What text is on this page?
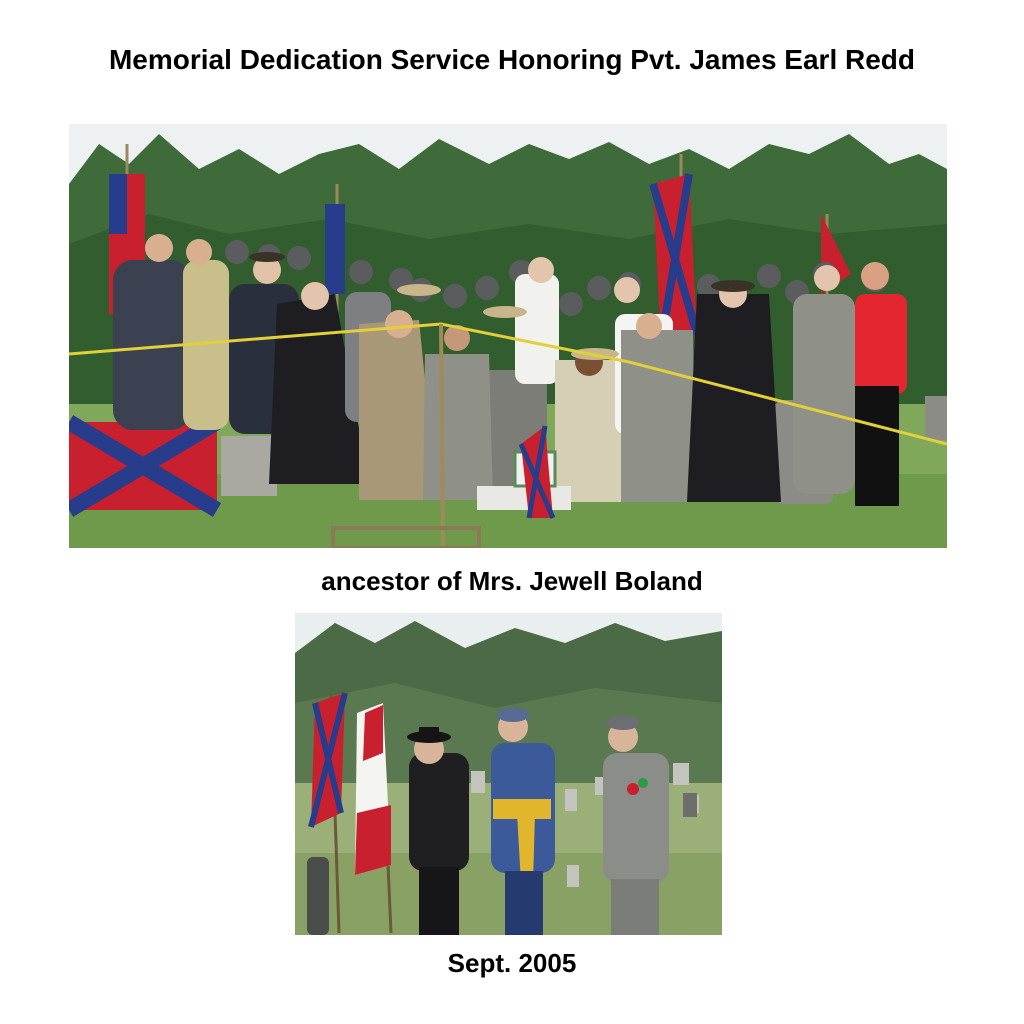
Memorial Dedication Service Honoring Pvt. James Earl Redd
ancestor of Mrs. Jewell Boland
Sept. 2005
